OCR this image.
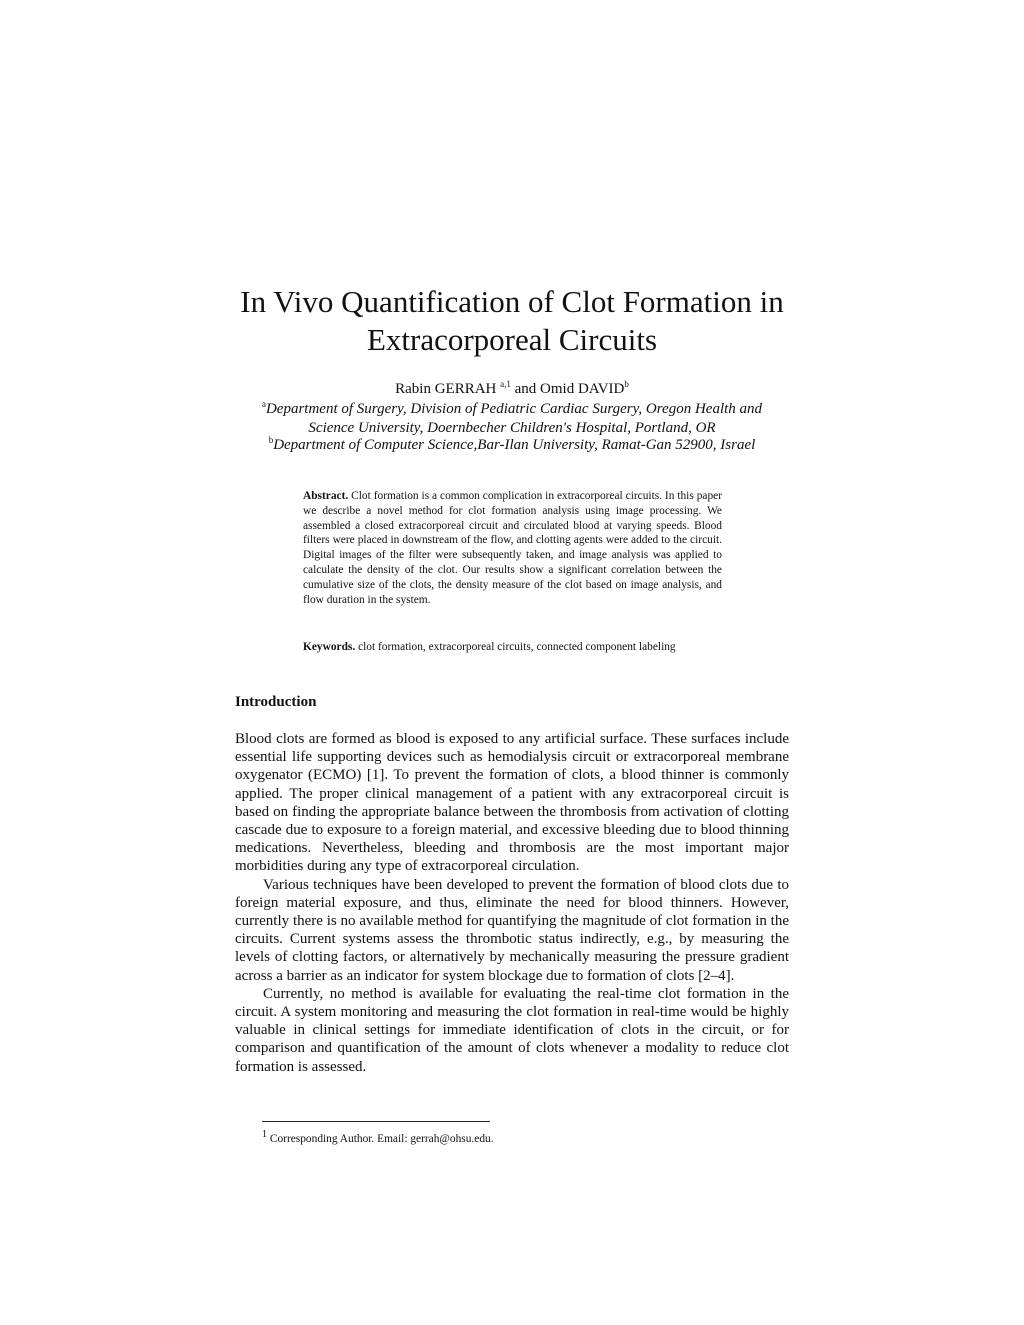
In Vivo Quantification of Clot Formation in
Extracorporeal Circuits
Rabin GERRAH $^{a,1}$ and Omid DAVID$^b$
$^a$Department of Surgery, Division of Pediatric Cardiac Surgery, Oregon Health and
Science University, Doernbecher Children's Hospital, Portland, OR
$^b$Department of Computer Science,Bar-Ilan University, Ramat-Gan 52900, Israel

Abstract. Clot formation is a common complication in extracorporeal circuits. In this paper we describe a novel method for clot formation analysis using image processing. We assembled a closed extracorporeal circuit and circulated blood at varying speeds. Blood filters were placed in downstream of the flow, and clotting agents were added to the circuit. Digital images of the filter were subsequently taken, and image analysis was applied to calculate the density of the clot. Our results show a significant correlation between the cumulative size of the clots, the density measure of the clot based on image analysis, and flow duration in the system.

Keywords. clot formation, extracorporeal circuits, connected component labeling

Introduction

Blood clots are formed as blood is exposed to any artificial surface. These surfaces include essential life supporting devices such as hemodialysis circuit or extracorporeal membrane oxygenator (ECMO) [1]. To prevent the formation of clots, a blood thinner is commonly applied. The proper clinical management of a patient with any extracorporeal circuit is based on finding the appropriate balance between the thrombosis from activation of clotting cascade due to exposure to a foreign material, and excessive bleeding due to blood thinning medications. Nevertheless, bleeding and thrombosis are the most important major morbidities during any type of extracorporeal circulation.

Various techniques have been developed to prevent the formation of blood clots due to foreign material exposure, and thus, eliminate the need for blood thinners. However, currently there is no available method for quantifying the magnitude of clot formation in the circuits. Current systems assess the thrombotic status indirectly, e.g., by measuring the levels of clotting factors, or alternatively by mechanically measuring the pressure gradient across a barrier as an indicator for system blockage due to formation of clots [2–4].

Currently, no method is available for evaluating the real-time clot formation in the circuit. A system monitoring and measuring the clot formation in real-time would be highly valuable in clinical settings for immediate identification of clots in the circuit, or for comparison and quantification of the amount of clots whenever a modality to reduce clot formation is assessed.

$^1$ Corresponding Author. Email: gerrah@ohsu.edu.
